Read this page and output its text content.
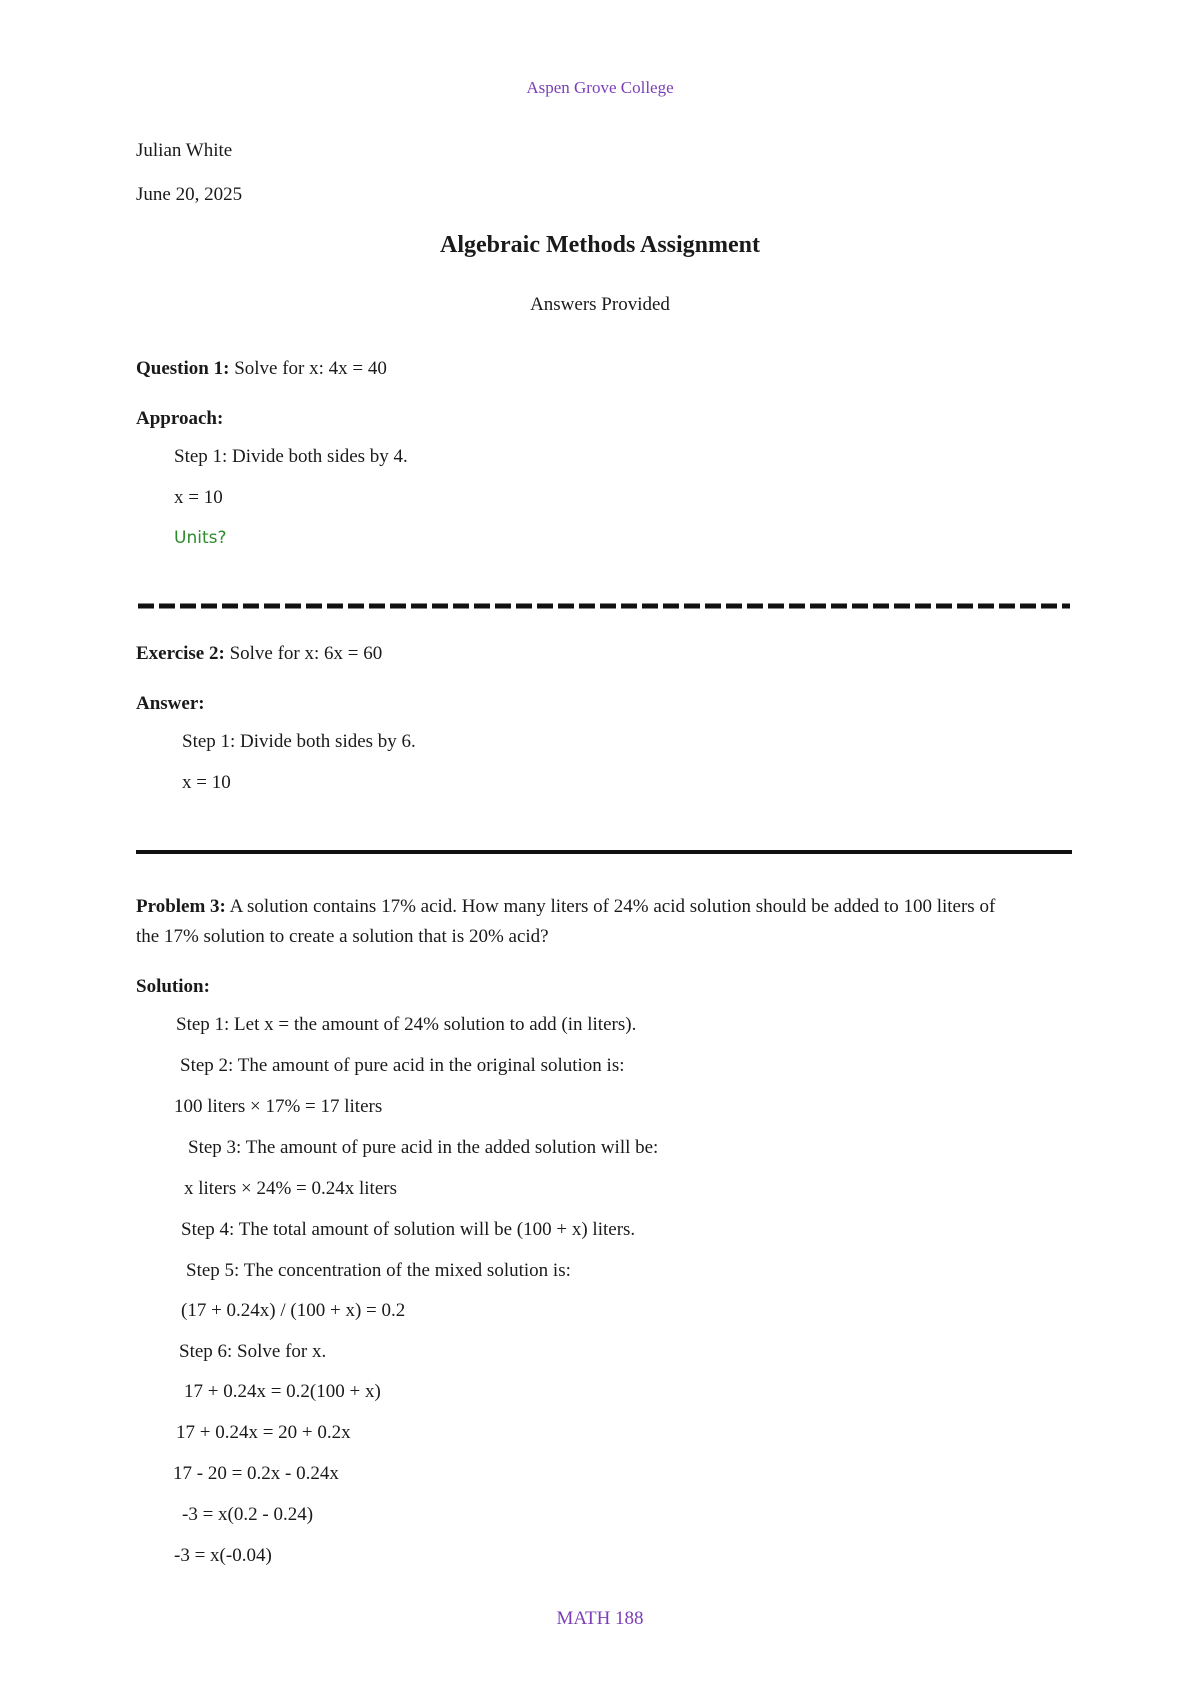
Aspen Grove College
Julian White
June 20, 2025
Algebraic Methods Assignment
Answers Provided
Question 1: Solve for x: 4x = 40
Approach:
Step 1: Divide both sides by 4.
x = 10
Units?
Exercise 2: Solve for x: 6x = 60
Answer:
Step 1: Divide both sides by 6.
x = 10
Problem 3: A solution contains 17% acid. How many liters of 24% acid solution should be added to 100 liters of
the 17% solution to create a solution that is 20% acid?
Solution:
Step 1: Let x = the amount of 24% solution to add (in liters).
Step 2: The amount of pure acid in the original solution is:
100 liters × 17% = 17 liters
Step 3: The amount of pure acid in the added solution will be:
x liters × 24% = 0.24x liters
Step 4: The total amount of solution will be (100 + x) liters.
Step 5: The concentration of the mixed solution is:
(17 + 0.24x) / (100 + x) = 0.2
Step 6: Solve for x.
17 + 0.24x = 0.2(100 + x)
17 + 0.24x = 20 + 0.2x
17 - 20 = 0.2x - 0.24x
-3 = x(0.2 - 0.24)
-3 = x(-0.04)
MATH 188
